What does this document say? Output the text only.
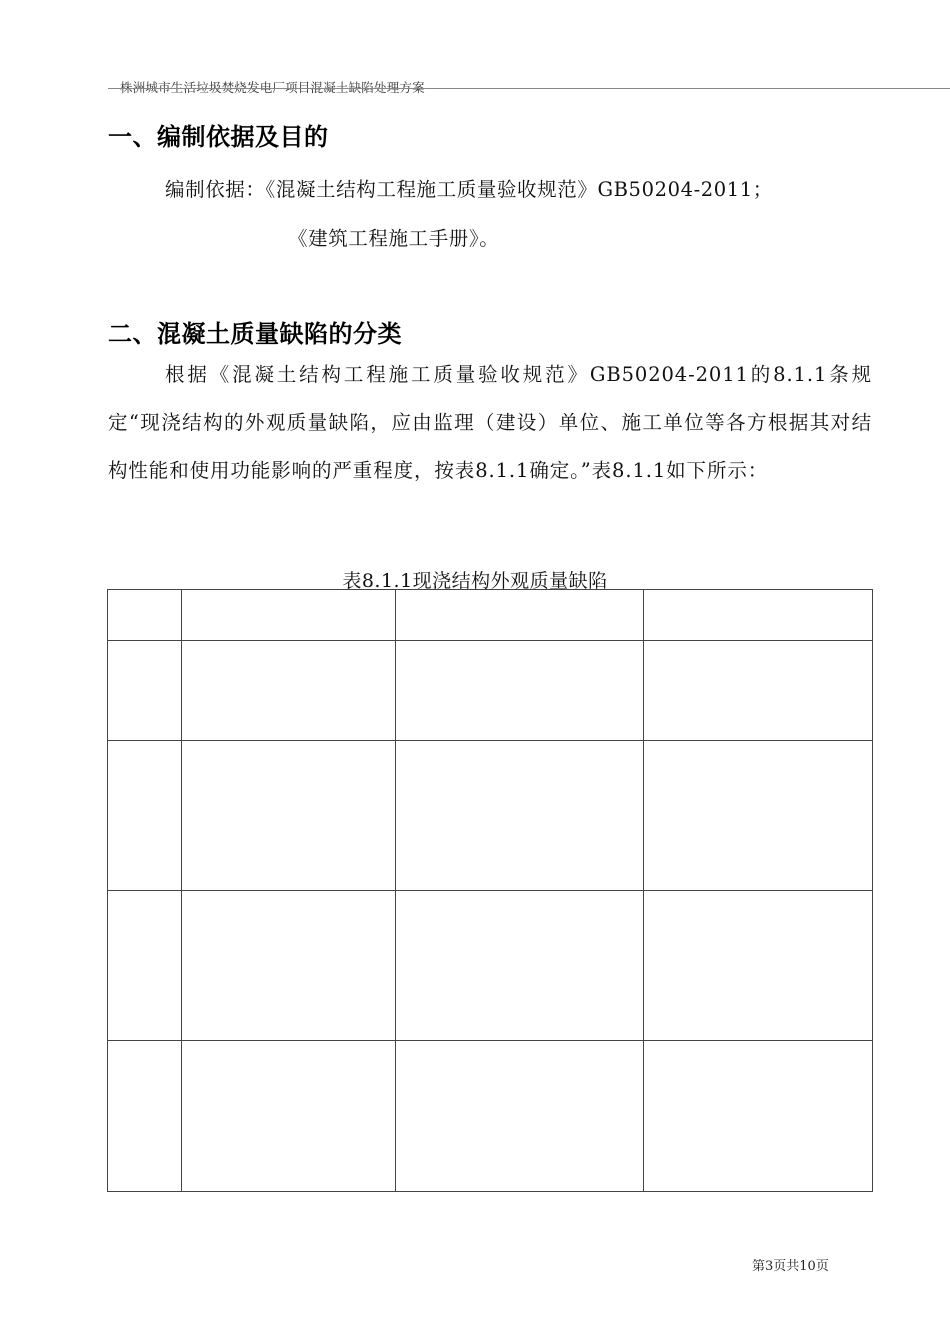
株洲城市生活垃圾焚烧发电厂项目混凝土缺陷处理方案
一、编制依据及目的
编制依据：《混凝土结构工程施工质量验收规范》GB50204-2011；
《建筑工程施工手册》。
二、混凝土质量缺陷的分类
根据《混凝土结构工程施工质量验收规范》GB50204-2011的8.1.1条规定“现浇结构的外观质量缺陷，应由监理（建设）单位、施工单位等各方根据其对结构性能和使用功能影响的严重程度，按表8.1.1确定。”表8.1.1如下所示：
表8.1.1现浇结构外观质量缺陷

第3页共10页
